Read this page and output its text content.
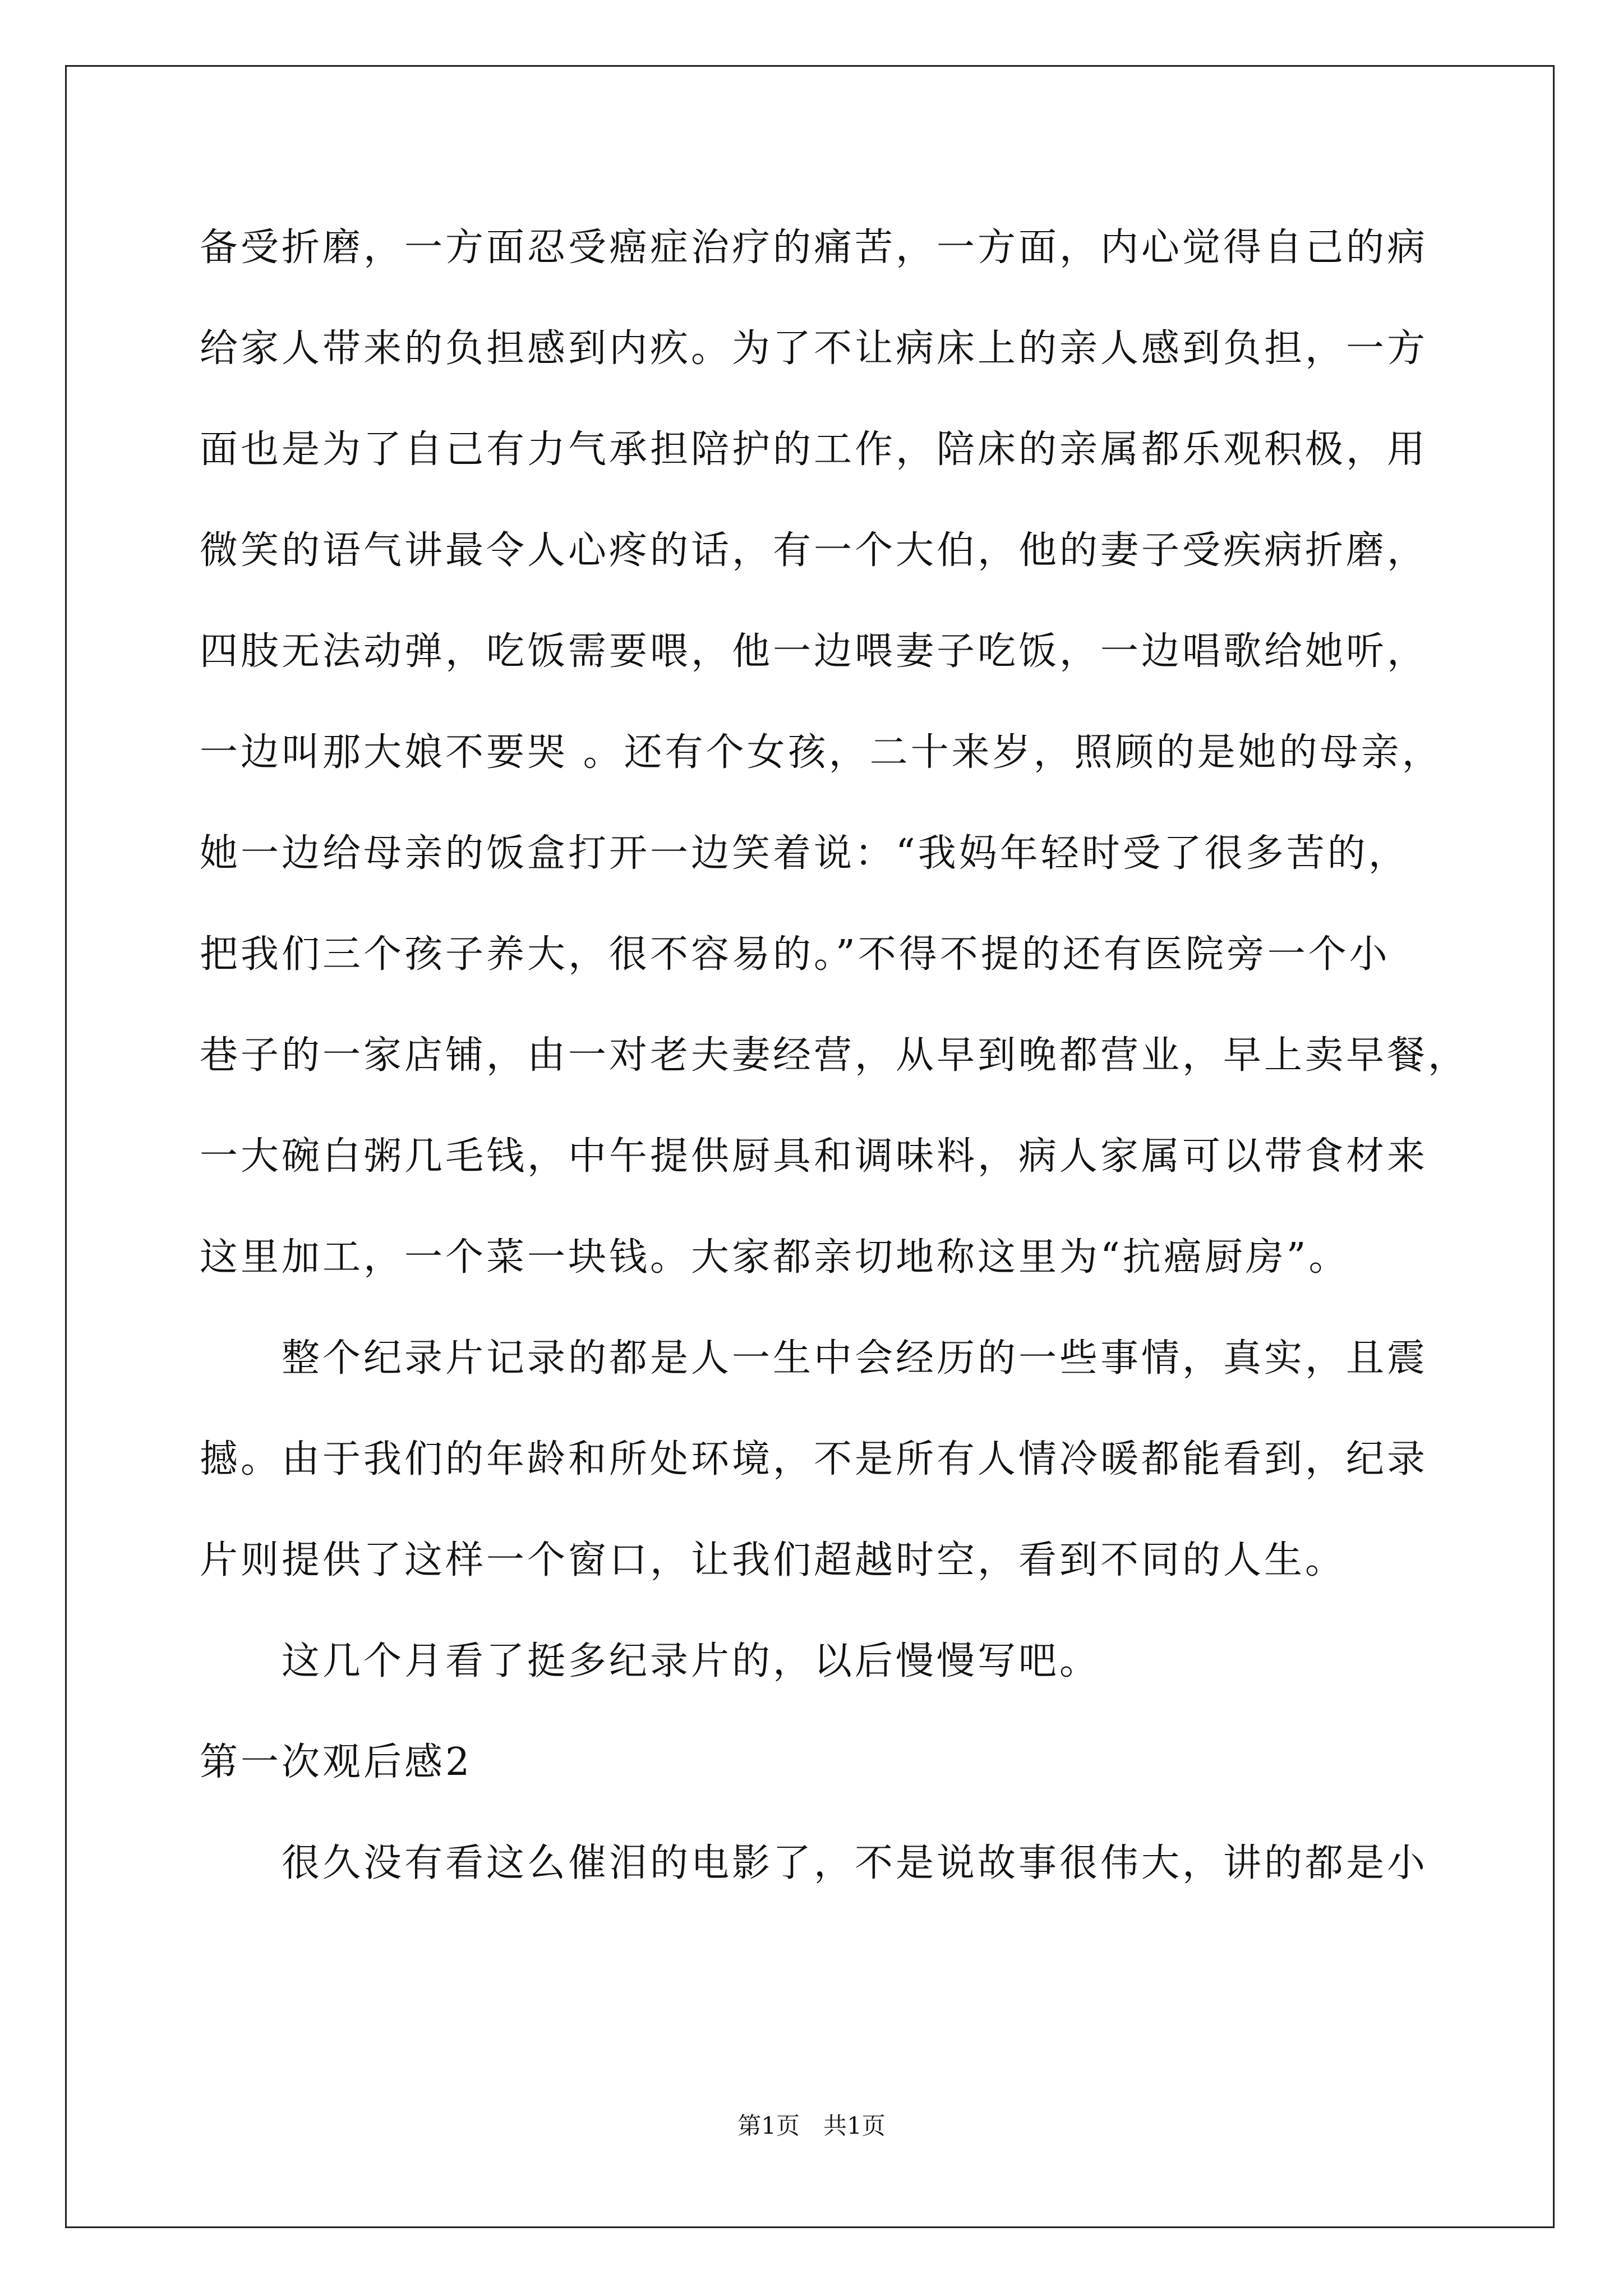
备受折磨，一方面忍受癌症治疗的痛苦，一方面，内心觉得自己的病
给家人带来的负担感到内疚。为了不让病床上的亲人感到负担，一方
面也是为了自己有力气承担陪护的工作，陪床的亲属都乐观积极，用
微笑的语气讲最令人心疼的话，有一个大伯，他的妻子受疾病折磨，
四肢无法动弹，吃饭需要喂，他一边喂妻子吃饭，一边唱歌给她听，
一边叫那大娘不要哭 。还有个女孩，二十来岁，照顾的是她的母亲，
她一边给母亲的饭盒打开一边笑着说：“我妈年轻时受了很多苦的，
把我们三个孩子养大，很不容易的。”不得不提的还有医院旁一个小
巷子的一家店铺，由一对老夫妻经营，从早到晚都营业，早上卖早餐，
一大碗白粥几毛钱，中午提供厨具和调味料，病人家属可以带食材来
这里加工，一个菜一块钱。大家都亲切地称这里为“抗癌厨房”。
整个纪录片记录的都是人一生中会经历的一些事情，真实，且震
撼。由于我们的年龄和所处环境，不是所有人情冷暖都能看到，纪录
片则提供了这样一个窗口，让我们超越时空，看到不同的人生。
这几个月看了挺多纪录片的，以后慢慢写吧。
第一次观后感2
很久没有看这么催泪的电影了，不是说故事很伟大，讲的都是小
第1页　共1页
